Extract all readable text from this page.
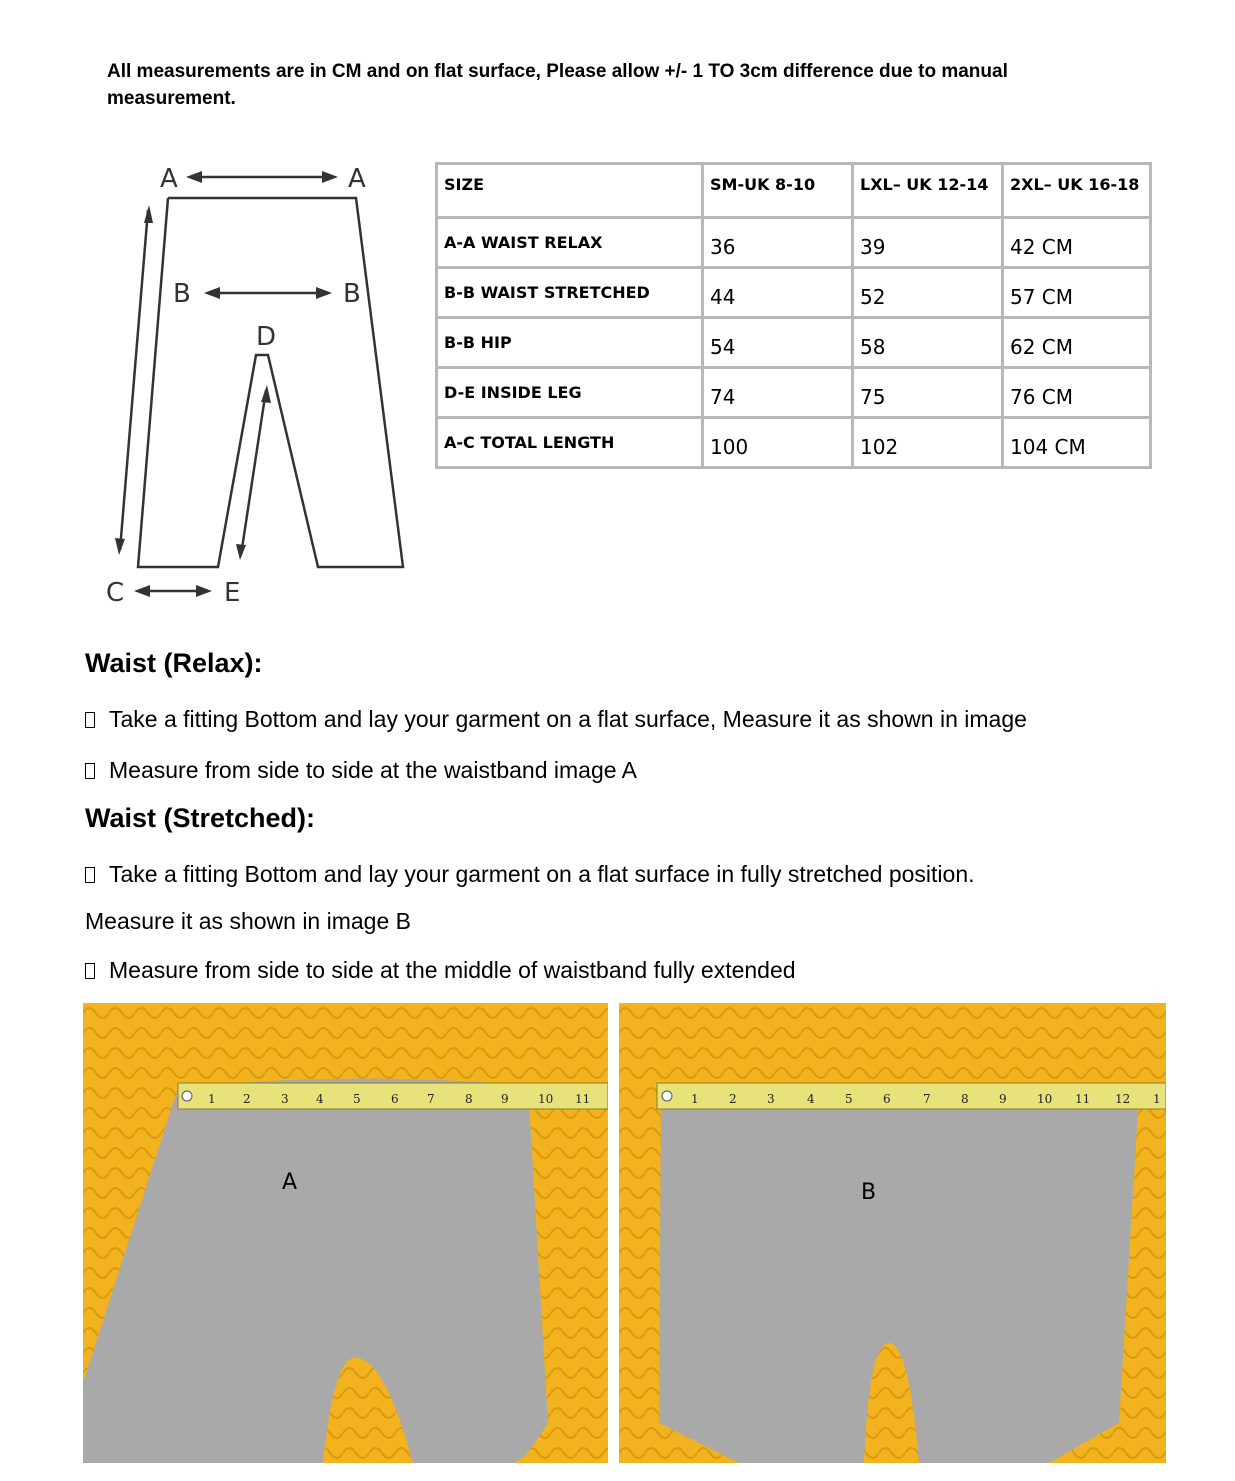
All measurements are in CM and on flat surface, Please allow +/- 1 TO 3cm difference due to manual measurement.
A	A
B	B
D
C	E
SIZE	SM-UK 8-10	LXL– UK 12-14	2XL– UK 16-18
A-A WAIST RELAX	36	39	42 CM
B-B WAIST STRETCHED	44	52	57 CM
B-B HIP	54	58	62 CM
D-E INSIDE LEG	74	75	76 CM
A-C TOTAL LENGTH	100	102	104 CM
Waist (Relax):
Take a fitting Bottom and lay your garment on a flat surface, Measure it as shown in image
Measure from side to side at the waistband image A
Waist (Stretched):
Take a fitting Bottom and lay your garment on a flat surface in fully stretched position.
Measure it as shown in image B
Measure from side to side at the middle of waistband fully extended
1 2	3 4 5	6 7	8 9 10 11
A
1	2	3	4	5	6	7	8	9	10 11 12 1
B
